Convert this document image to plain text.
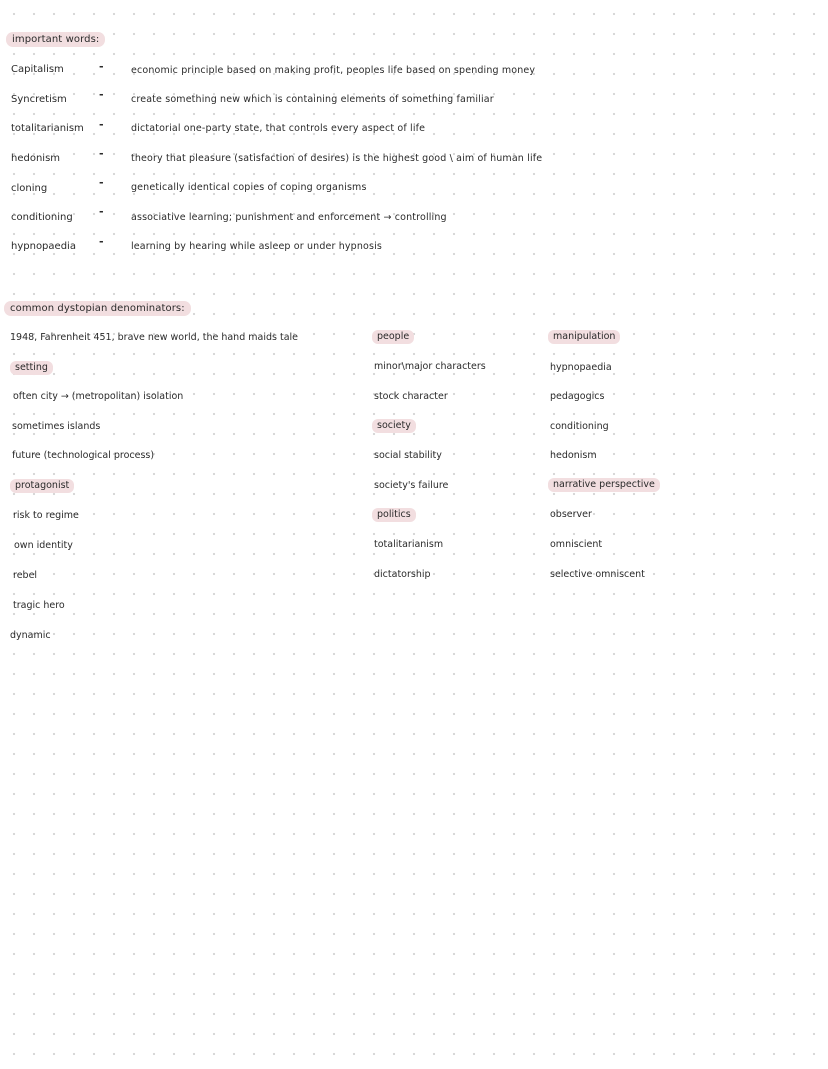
important words:
Capitalism	-	economic principle based on making profit, peoples life based on spending money
Syncretism	-	create something new which is containing elements of something familiar
totalitarianism -	dictatorial one-party state, that controls every aspect of life
hedonism	-	theory that pleasure (satisfaction of desires) is the highest good \ aim of human life
cloning	-	genetically identical copies of coping organisms
conditioning -	associative learning; punishment and enforcement → controlling
hypnopaedia -	learning by hearing while asleep or under hypnosis
common dystopian denominators:
1948, Fahrenheit 451, brave new world, the hand maids tale
setting
often city → (metropolitan) isolation
sometimes islands
future (technological process)
protagonist
risk to regime
own identity
rebel
tragic hero
dynamic
people
minor\major characters
stock character
society
social stability
society's failure
politics
totalitarianism
dictatorship
manipulation
hypnopaedia
pedagogics
conditioning
hedonism
narrative perspective
observer
omniscient
selective omniscent
